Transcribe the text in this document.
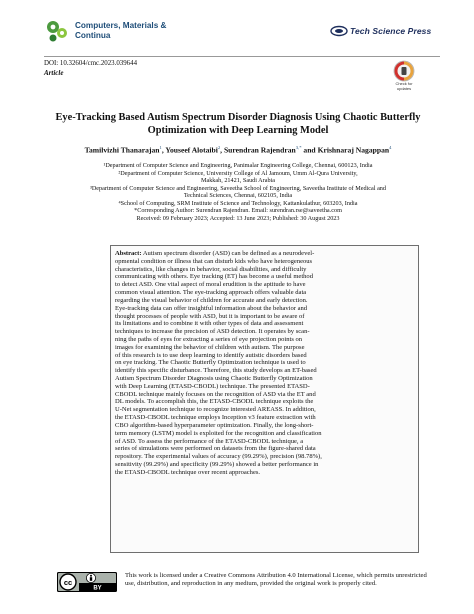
Computers, Materials &
Continua	Tech Science Press
DOI: 10.32604/cmc.2023.039644
Article
Check for
updates
Eye-Tracking Based Autism Spectrum Disorder Diagnosis Using Chaotic Butterfly Optimization with Deep Learning Model
Tamilvizhi Thanarajan$^1$, Youseef Alotaibi$^2$, Surendran Rajendran$^{3,*}$ and Krishnaraj Nagappan$^4$
¹Department of Computer Science and Engineering, Panimalar Engineering College, Chennai, 600123, India
²Department of Computer Science, University College of Al Jamoum, Umm Al-Qura University,
Makkah, 21421, Saudi Arabia
³Department of Computer Science and Engineering, Saveetha School of Engineering, Saveetha Institute of Medical and
Technical Sciences, Chennai, 602105, India
⁴School of Computing, SRM Institute of Science and Technology, Kattankulathur, 603203, India
*Corresponding Author: Surendran Rajendran. Email: surendran.rse@saveetha.com
Received: 09 February 2023; Accepted: 13 June 2023; Published: 30 August 2023
Abstract: Autism spectrum disorder (ASD) can be defined as a neurodevel-
opmental condition or illness that can disturb kids who have heterogeneous
characteristics, like changes in behavior, social disabilities, and difficulty
communicating with others. Eye tracking (ET) has become a useful method
to detect ASD. One vital aspect of moral erudition is the aptitude to have
common visual attention. The eye-tracking approach offers valuable data
regarding the visual behavior of children for accurate and early detection.
Eye-tracking data can offer insightful information about the behavior and
thought processes of people with ASD, but it is important to be aware of
its limitations and to combine it with other types of data and assessment
techniques to increase the precision of ASD detection. It operates by scan-
ning the paths of eyes for extracting a series of eye projection points on
images for examining the behavior of children with autism. The purpose
of this research is to use deep learning to identify autistic disorders based
on eye tracking. The Chaotic Butterfly Optimization technique is used to
identify this specific disturbance. Therefore, this study develops an ET-based
Autism Spectrum Disorder Diagnosis using Chaotic Butterfly Optimization
with Deep Learning (ETASD-CBODL) technique. The presented ETASD-
CBODL technique mainly focuses on the recognition of ASD via the ET and
DL models. To accomplish this, the ETASD-CBODL technique exploits the
U-Net segmentation technique to recognize interested AREASS. In addition,
the ETASD-CBODL technique employs Inception v3 feature extraction with
CBO algorithm-based hyperparameter optimization. Finally, the long-short-
term memory (LSTM) model is exploited for the recognition and classification
of ASD. To assess the performance of the ETASD-CBODL technique, a
series of simulations were performed on datasets from the figure-shared data
repository. The experimental values of accuracy (99.29%), precision (98.78%),
sensitivity (99.29%) and specificity (99.29%) showed a better performance in
the ETASD-CBODL technique over recent approaches.
cc
BY
This work is licensed under a Creative Commons Attribution 4.0 International License, which permits unrestricted use, distribution, and reproduction in any medium, provided the original work is properly cited.
